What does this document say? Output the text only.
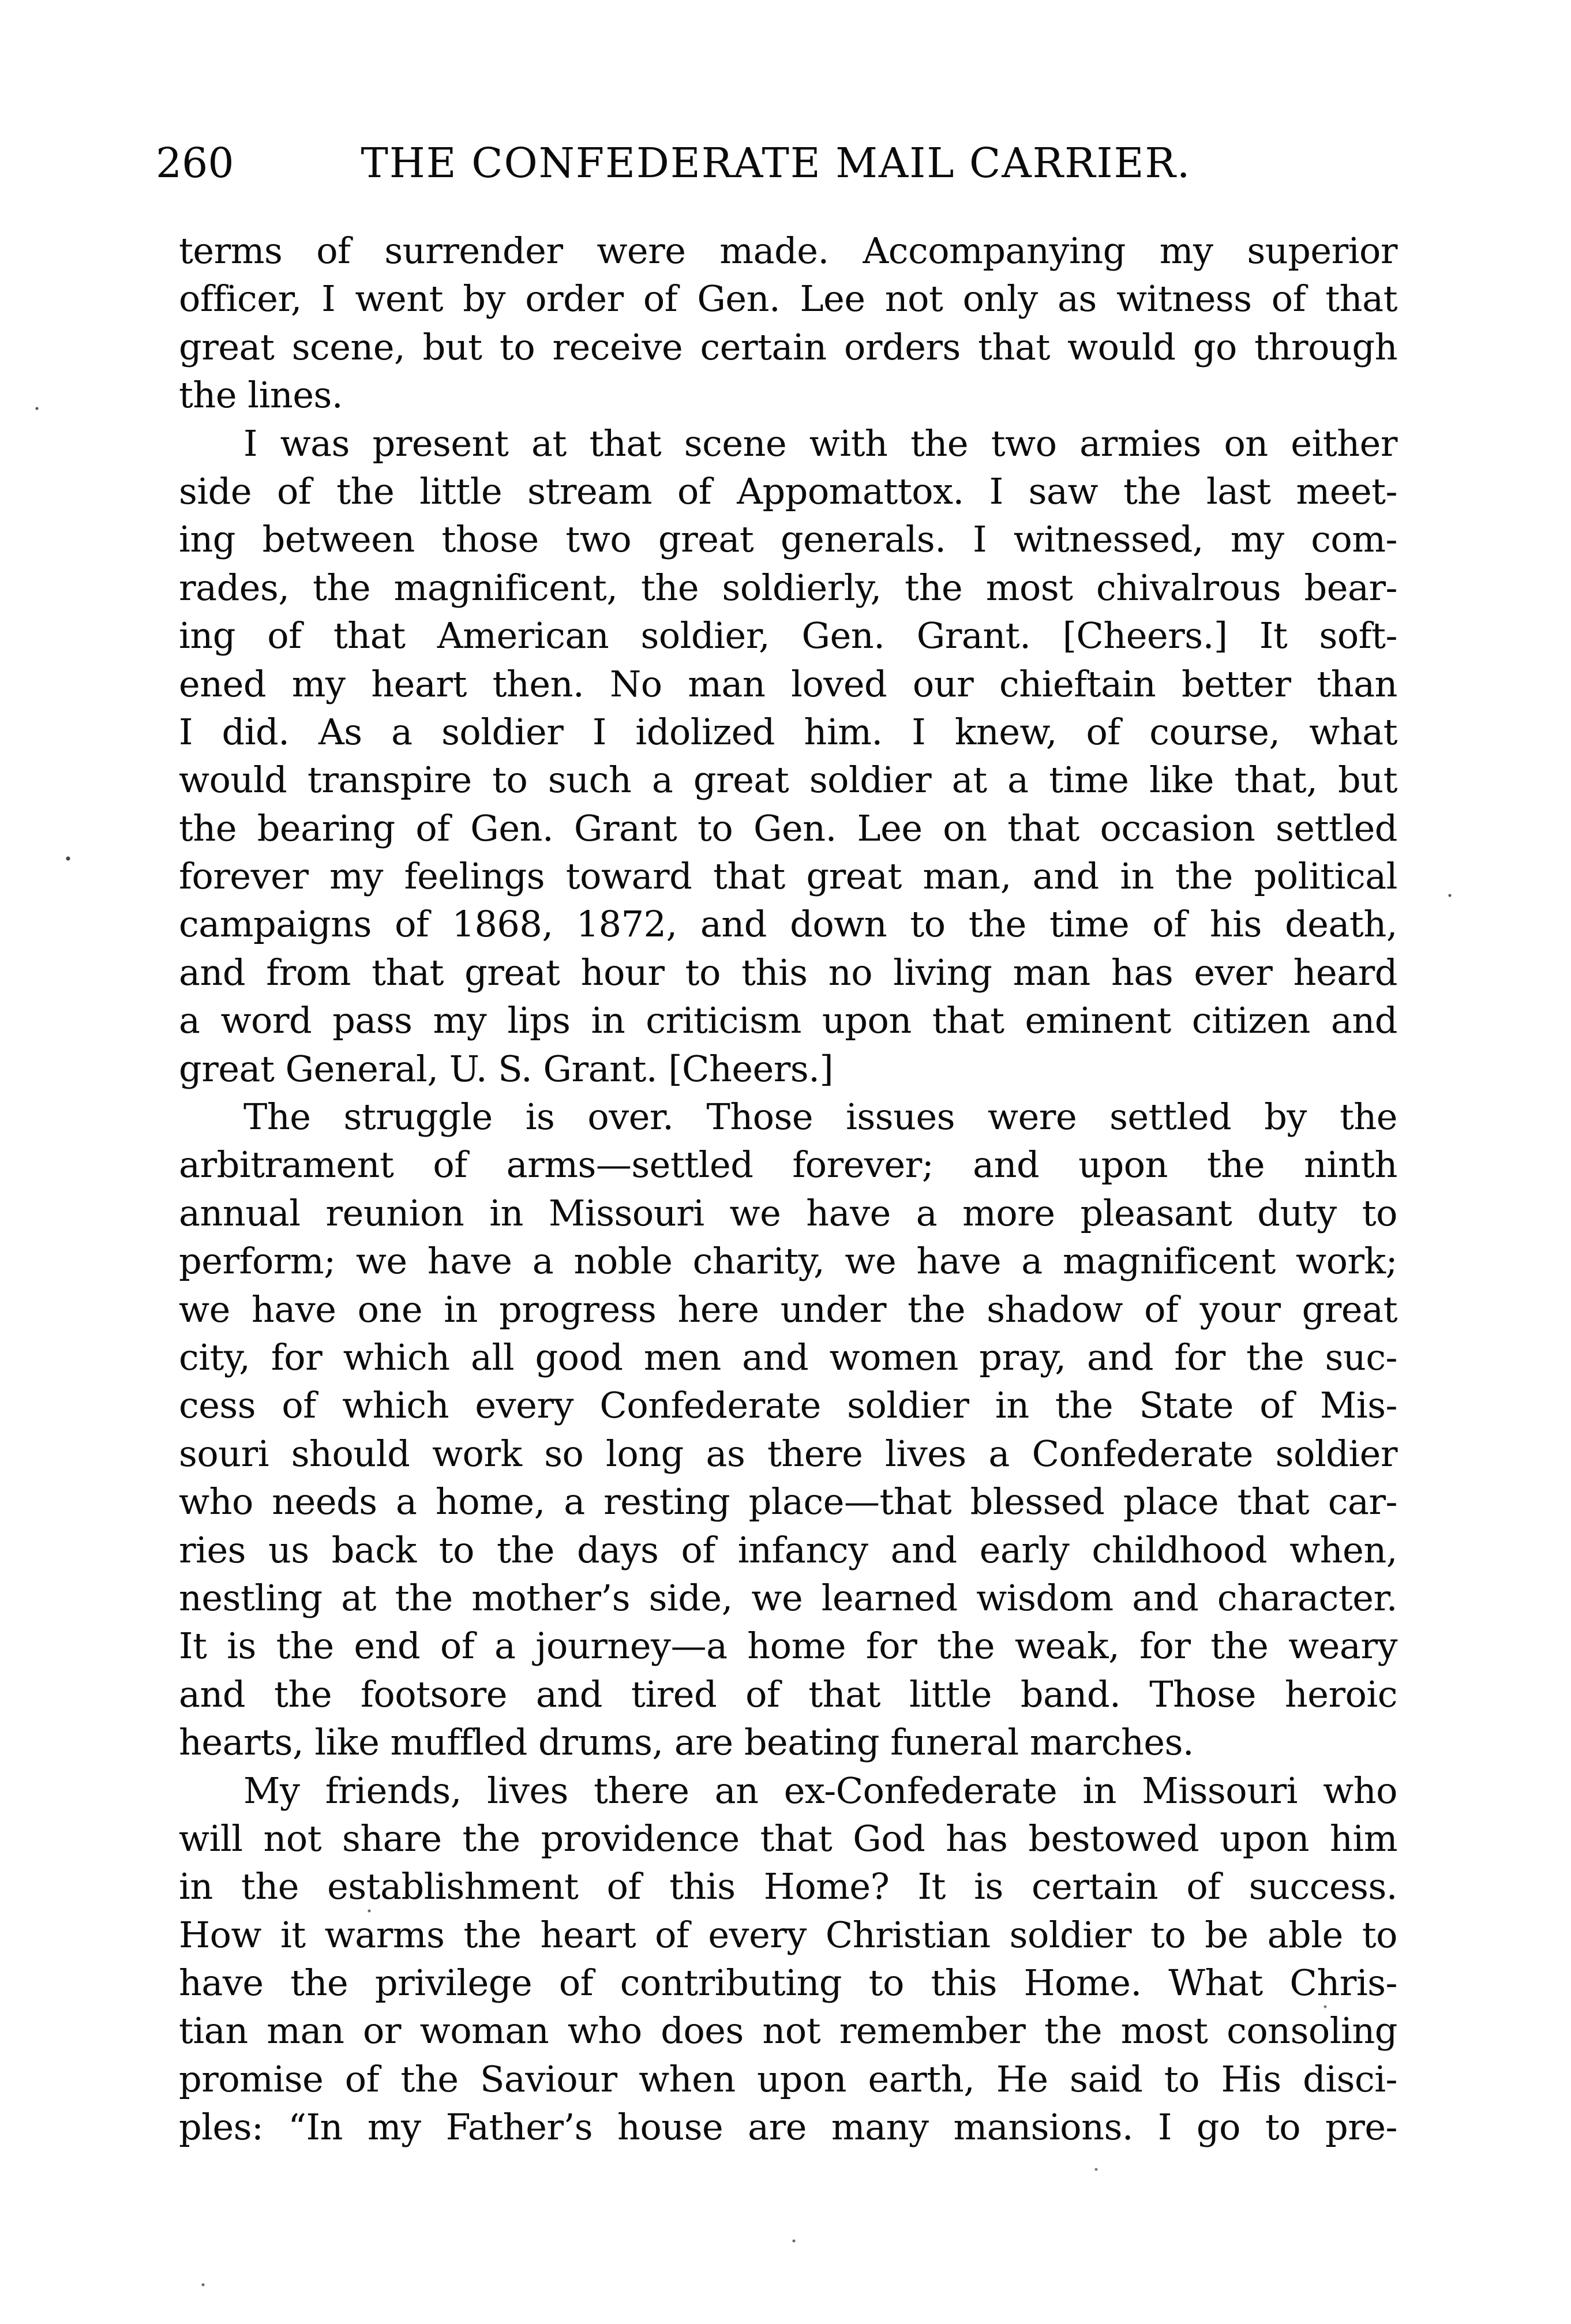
260	THE CONFEDERATE MAIL CARRIER.
terms of surrender were made. Accompanying my superior
officer, I went by order of Gen. Lee not only as witness of that
great scene, but to receive certain orders that would go through
the lines.
I was present at that scene with the two armies on either
side of the little stream of Appomattox. I saw the last meet-
ing between those two great generals. I witnessed, my com-
rades, the magnificent, the soldierly, the most chivalrous bear-
ing of that American soldier, Gen. Grant. [Cheers.] It soft-
ened my heart then. No man loved our chieftain better than
I did. As a soldier I idolized him. I knew, of course, what
would transpire to such a great soldier at a time like that, but
the bearing of Gen. Grant to Gen. Lee on that occasion settled
forever my feelings toward that great man, and in the political
campaigns of 1868, 1872, and down to the time of his death,
and from that great hour to this no living man has ever heard
a word pass my lips in criticism upon that eminent citizen and
great General, U. S. Grant. [Cheers.]
The struggle is over. Those issues were settled by the
arbitrament of arms—settled forever; and upon the ninth
annual reunion in Missouri we have a more pleasant duty to
perform; we have a noble charity, we have a magnificent work;
we have one in progress here under the shadow of your great
city, for which all good men and women pray, and for the suc-
cess of which every Confederate soldier in the State of Mis-
souri should work so long as there lives a Confederate soldier
who needs a home, a resting place—that blessed place that car-
ries us back to the days of infancy and early childhood when,
nestling at the mother’s side, we learned wisdom and character.
It is the end of a journey—a home for the weak, for the weary
and the footsore and tired of that little band. Those heroic
hearts, like muffled drums, are beating funeral marches.
My friends, lives there an ex-Confederate in Missouri who
will not share the providence that God has bestowed upon him
in the establishment of this Home? It is certain of success.
How it warms the heart of every Christian soldier to be able to
have the privilege of contributing to this Home. What Chris-
tian man or woman who does not remember the most consoling
promise of the Saviour when upon earth, He said to His disci-
ples: “In my Father’s house are many mansions. I go to pre-
